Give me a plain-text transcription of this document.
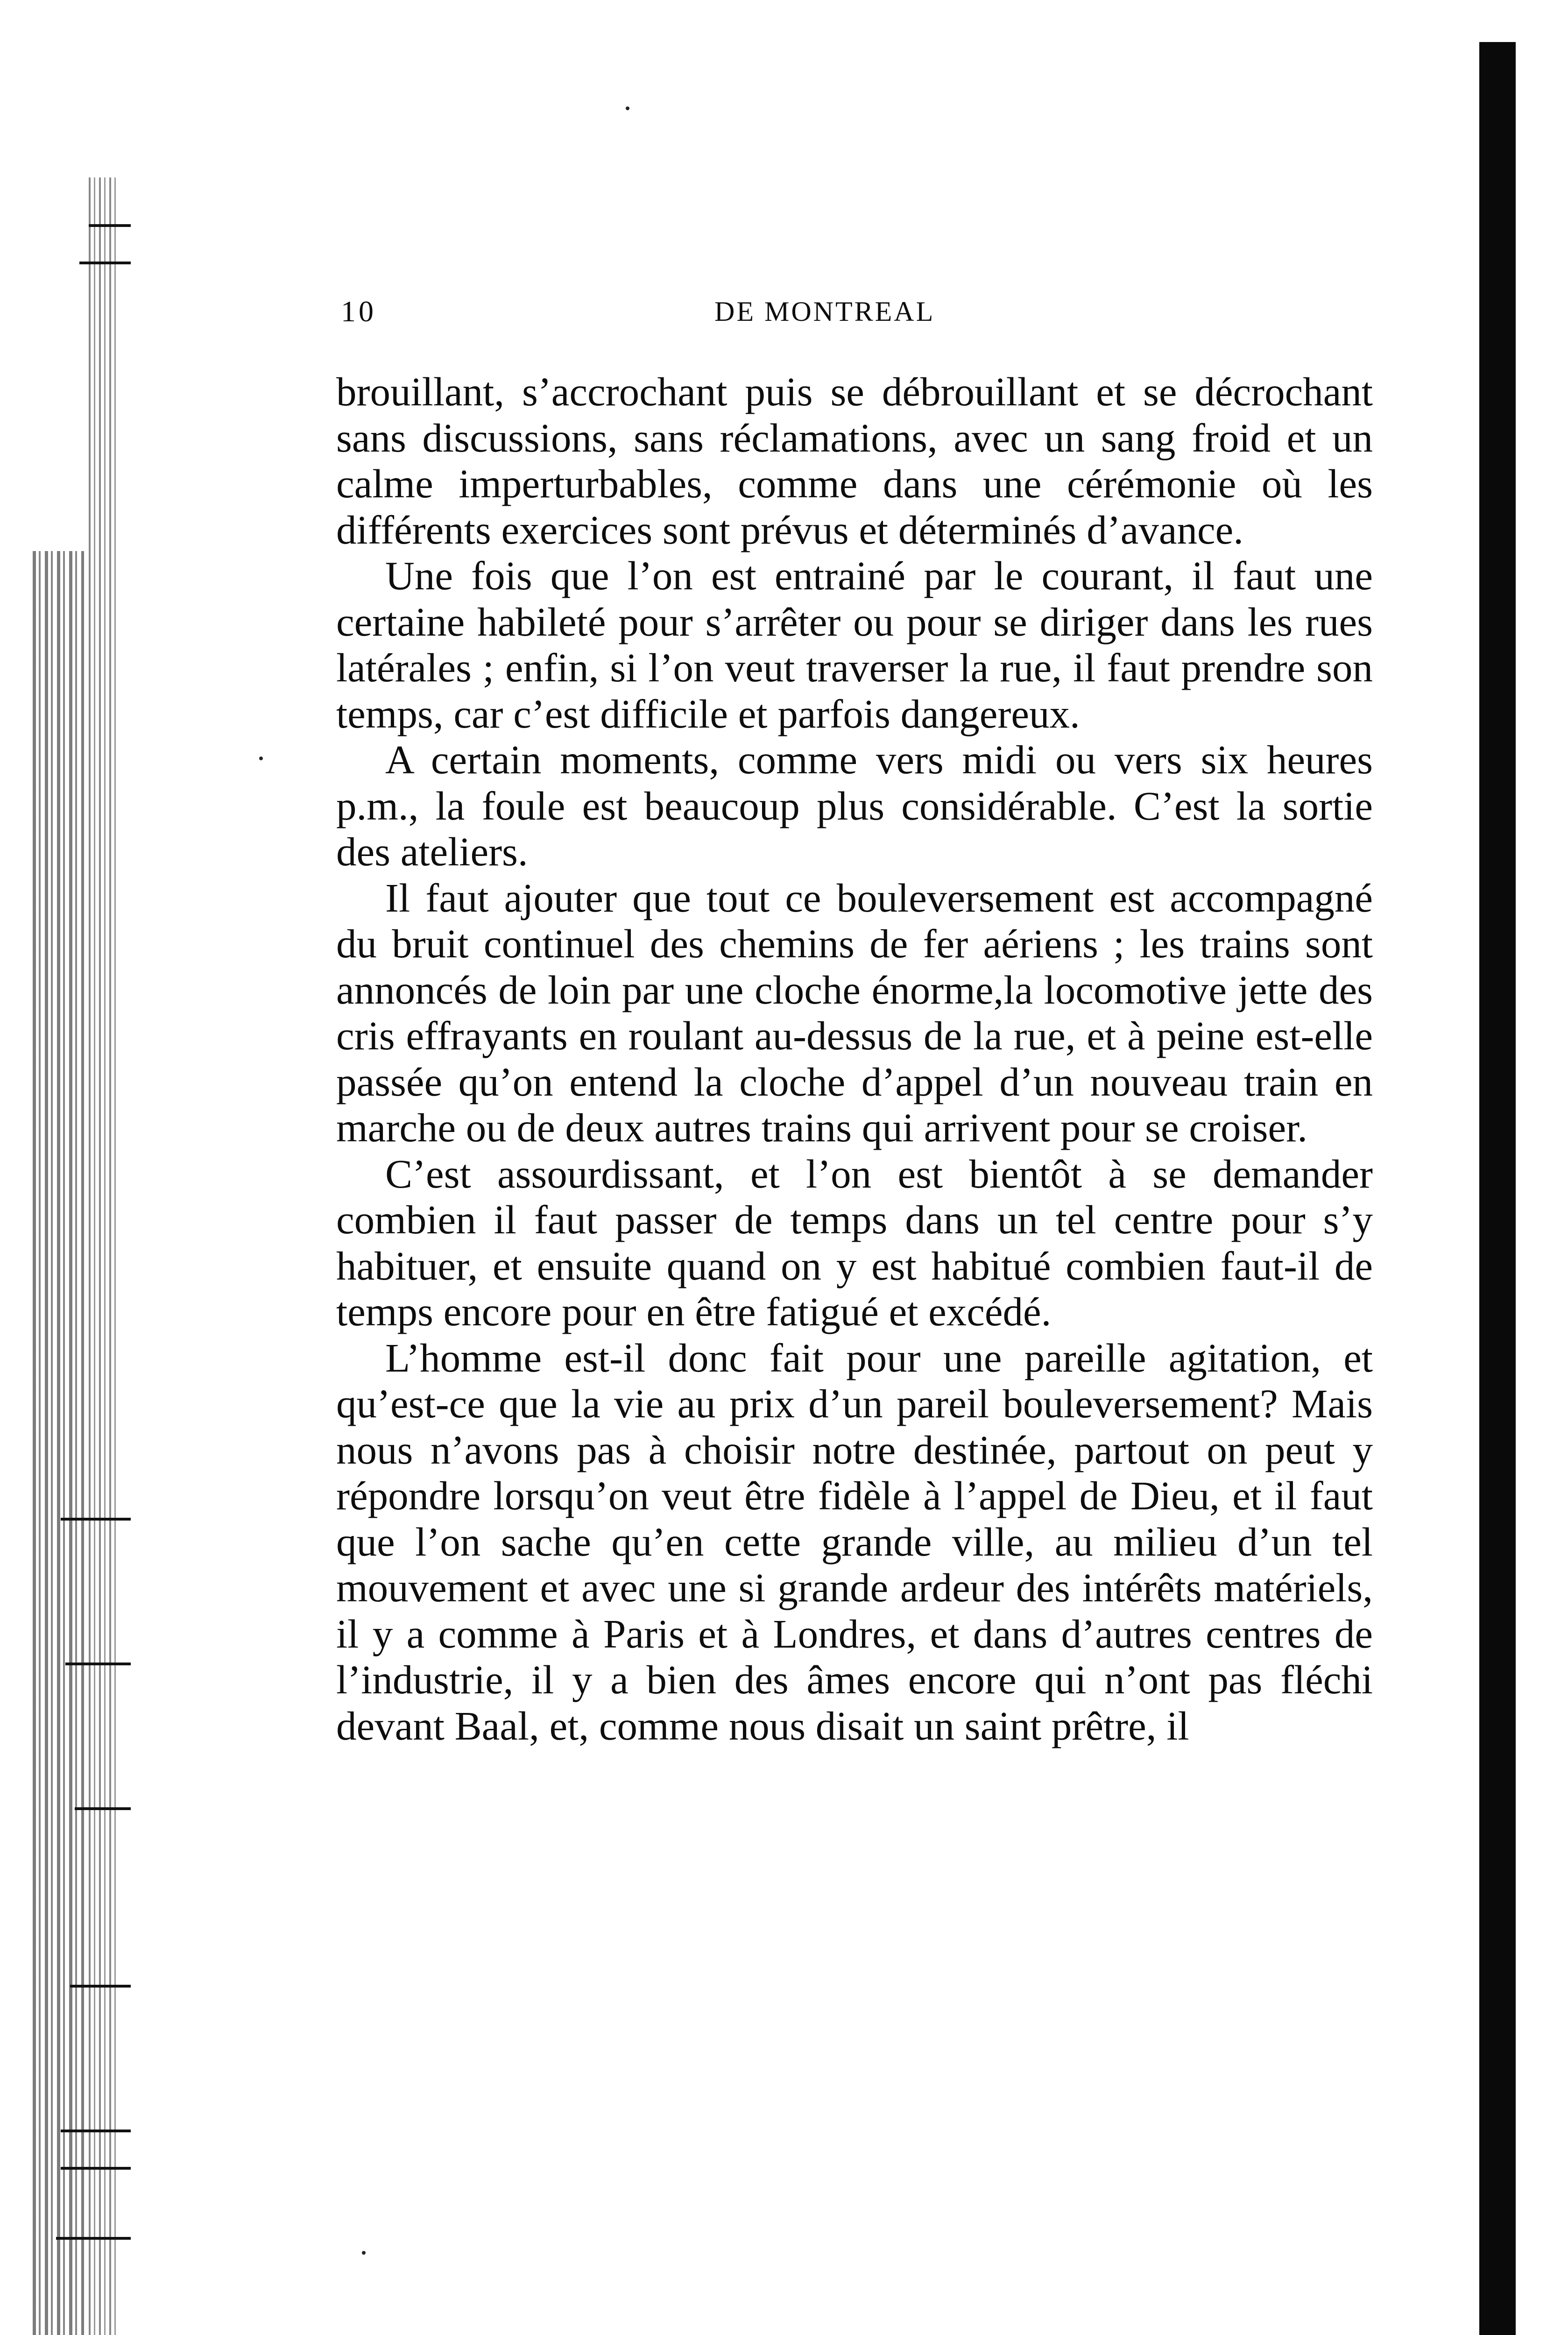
10	DE MONTREAL

brouillant, s’accrochant puis se débrouillant et se décrochant sans discussions, sans réclamations, avec un sang froid et un calme imperturbables, comme dans une cérémonie où les différents exercices sont prévus et déterminés d’avance.

Une fois que l’on est entrainé par le courant, il faut une certaine habileté pour s’arrêter ou pour se diriger dans les rues latérales ; enfin, si l’on veut traverser la rue, il faut prendre son temps, car c’est difficile et parfois dangereux.

A certain moments, comme vers midi ou vers six heures p.m., la foule est beaucoup plus considérable. C’est la sortie des ateliers.

Il faut ajouter que tout ce bouleversement est accompagné du bruit continuel des chemins de fer aériens ; les trains sont annoncés de loin par une cloche énorme,la locomotive jette des cris effrayants en roulant au-dessus de la rue, et à peine est-elle passée qu’on entend la cloche d’appel d’un nouveau train en marche ou de deux autres trains qui arrivent pour se croiser.

C’est assourdissant, et l’on est bientôt à se demander combien il faut passer de temps dans un tel centre pour s’y habituer, et ensuite quand on y est habitué combien faut-il de temps encore pour en être fatigué et excédé.

L’homme est-il donc fait pour une pareille agitation, et qu’est-ce que la vie au prix d’un pareil bouleversement? Mais nous n’avons pas à choisir notre destinée, partout on peut y répondre lorsqu’on veut être fidèle à l’appel de Dieu, et il faut que l’on sache qu’en cette grande ville, au milieu d’un tel mouvement et avec une si grande ardeur des intérêts matériels, il y a comme à Paris et à Londres, et dans d’autres centres de l’industrie, il y a bien des âmes encore qui n’ont pas fléchi devant Baal, et, comme nous disait un saint prêtre, il
